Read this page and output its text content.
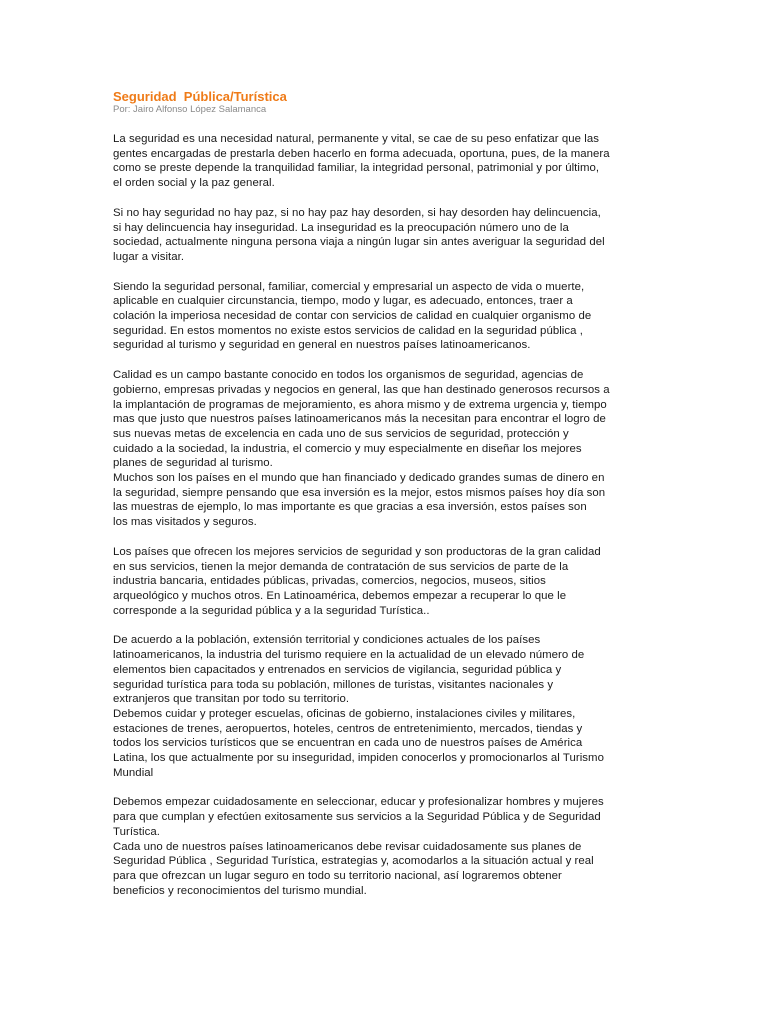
Seguridad  Pública/Turística
Por: Jairo Alfonso López Salamanca

La seguridad es una necesidad natural, permanente y vital, se cae de su peso enfatizar que las
gentes encargadas de prestarla deben hacerlo en forma adecuada, oportuna, pues, de la manera
como se preste depende la tranquilidad familiar, la integridad personal, patrimonial y por último,
el orden social y la paz general.

Si no hay seguridad no hay paz, si no hay paz hay desorden, si hay desorden hay delincuencia,
si hay delincuencia hay inseguridad. La inseguridad es la preocupación número uno de la
sociedad, actualmente ninguna persona viaja a ningún lugar sin antes averiguar la seguridad del
lugar a visitar.

Siendo la seguridad personal, familiar, comercial y empresarial un aspecto de vida o muerte,
aplicable en cualquier circunstancia, tiempo, modo y lugar, es adecuado, entonces, traer a
colación la imperiosa necesidad de contar con servicios de calidad en cualquier organismo de
seguridad. En estos momentos no existe estos servicios de calidad en la seguridad pública ,
seguridad al turismo y seguridad en general en nuestros países latinoamericanos.

Calidad es un campo bastante conocido en todos los organismos de seguridad, agencias de
gobierno, empresas privadas y negocios en general, las que han destinado generosos recursos a
la implantación de programas de mejoramiento, es ahora mismo y de extrema urgencia y, tiempo
mas que justo que nuestros países latinoamericanos más la necesitan para encontrar el logro de
sus nuevas metas de excelencia en cada uno de sus servicios de seguridad, protección y
cuidado a la sociedad, la industria, el comercio y muy especialmente en diseñar los mejores
planes de seguridad al turismo.
Muchos son los países en el mundo que han financiado y dedicado grandes sumas de dinero en
la seguridad, siempre pensando que esa inversión es la mejor, estos mismos países hoy día son
las muestras de ejemplo, lo mas importante es que gracias a esa inversión, estos países son
los mas visitados y seguros.

Los países que ofrecen los mejores servicios de seguridad y son productoras de la gran calidad
en sus servicios, tienen la mejor demanda de contratación de sus servicios de parte de la
industria bancaria, entidades públicas, privadas, comercios, negocios, museos, sitios
arqueológico y muchos otros. En Latinoamérica, debemos empezar a recuperar lo que le
corresponde a la seguridad pública y a la seguridad Turística..

De acuerdo a la población, extensión territorial y condiciones actuales de los países
latinoamericanos, la industria del turismo requiere en la actualidad de un elevado número de
elementos bien capacitados y entrenados en servicios de vigilancia, seguridad pública y
seguridad turística para toda su población, millones de turistas, visitantes nacionales y
extranjeros que transitan por todo su territorio.
Debemos cuidar y proteger escuelas, oficinas de gobierno, instalaciones civiles y militares,
estaciones de trenes, aeropuertos, hoteles, centros de entretenimiento, mercados, tiendas y
todos los servicios turísticos que se encuentran en cada uno de nuestros países de América
Latina, los que actualmente por su inseguridad, impiden conocerlos y promocionarlos al Turismo
Mundial

Debemos empezar cuidadosamente en seleccionar, educar y profesionalizar hombres y mujeres
para que cumplan y efectúen exitosamente sus servicios a la Seguridad Pública y de Seguridad
Turística.
Cada uno de nuestros países latinoamericanos debe revisar cuidadosamente sus planes de
Seguridad Pública , Seguridad Turística, estrategias y, acomodarlos a la situación actual y real
para que ofrezcan un lugar seguro en todo su territorio nacional, así lograremos obtener
beneficios y reconocimientos del turismo mundial.
